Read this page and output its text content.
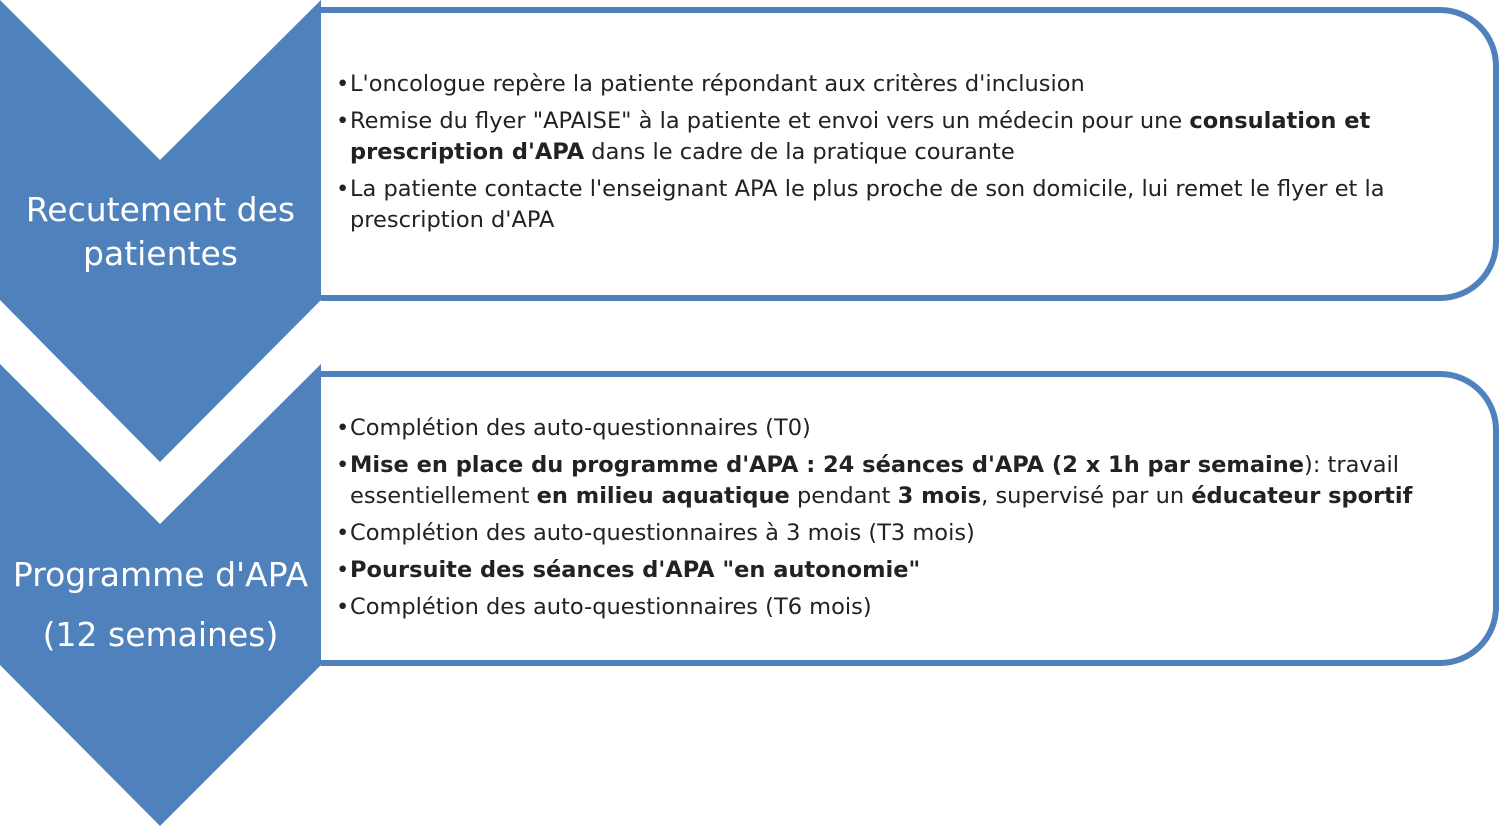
Recutement des
patientes
Programme d'APA
(12 semaines)
• L'oncologue repère la patiente répondant aux critères d'inclusion
• Remise du flyer "APAISE" à la patiente et envoi vers un médecin pour une consulation et prescription d'APA dans le cadre de la pratique courante
• La patiente contacte l'enseignant APA le plus proche de son domicile, lui remet le flyer et la prescription d'APA
• Complétion des auto-questionnaires (T0)
• Mise en place du programme d'APA : 24 séances d'APA (2 x 1h par semaine): travail essentiellement en milieu aquatique pendant 3 mois, supervisé par un éducateur sportif
• Complétion des auto-questionnaires à 3 mois (T3 mois)
• Poursuite des séances d'APA "en autonomie"
• Complétion des auto-questionnaires (T6 mois)
